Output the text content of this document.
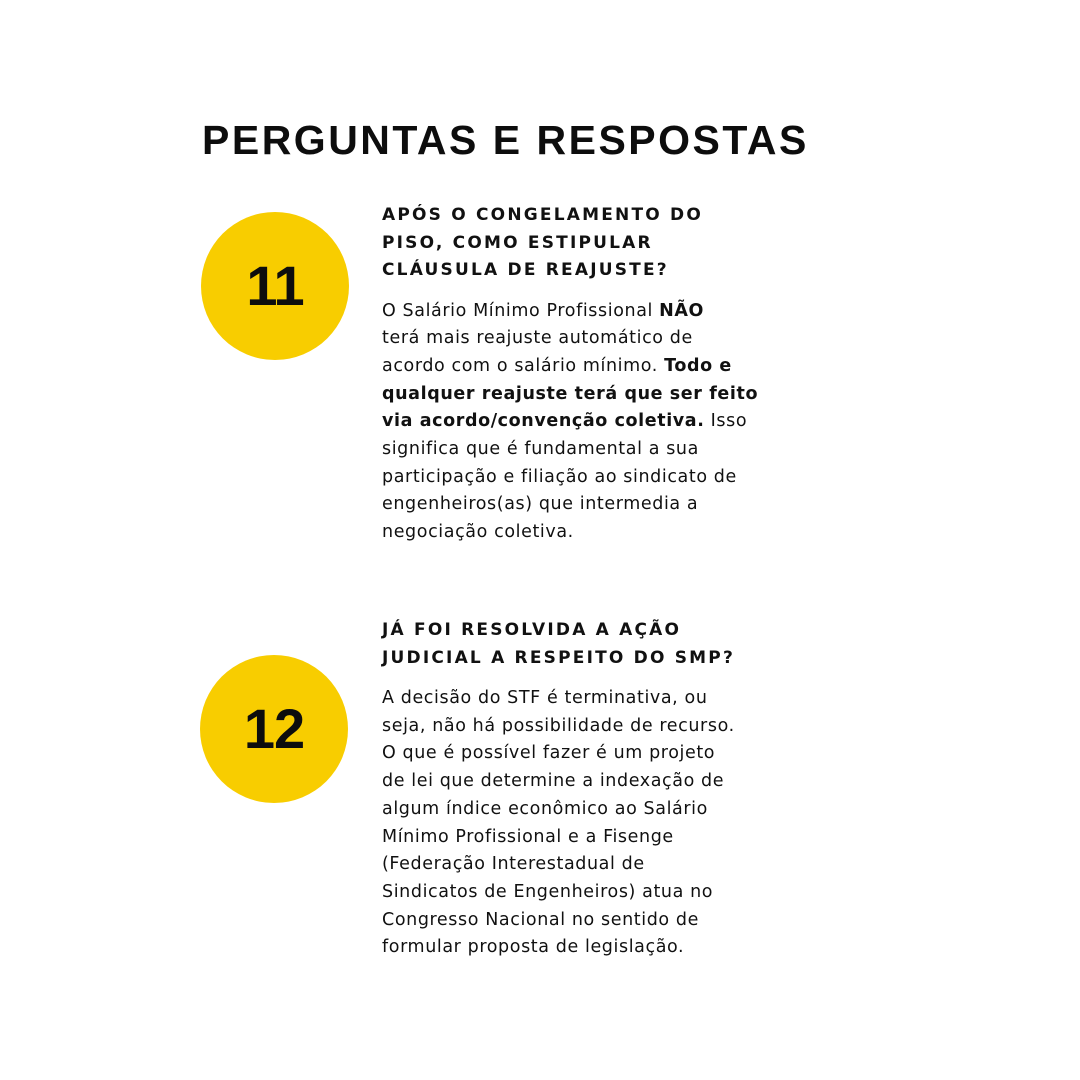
PERGUNTAS E RESPOSTAS
11
APÓS O CONGELAMENTO DO
PISO, COMO ESTIPULAR
CLÁUSULA DE REAJUSTE?

O Salário Mínimo Profissional NÃO
terá mais reajuste automático de
acordo com o salário mínimo. Todo e
qualquer reajuste terá que ser feito
via acordo/convenção coletiva. Isso
significa que é fundamental a sua
participação e filiação ao sindicato de
engenheiros(as) que intermedia a
negociação coletiva.

12
JÁ FOI RESOLVIDA A AÇÃO
JUDICIAL A RESPEITO DO SMP?

A decisão do STF é terminativa, ou
seja, não há possibilidade de recurso.
O que é possível fazer é um projeto
de lei que determine a indexação de
algum índice econômico ao Salário
Mínimo Profissional e a Fisenge
(Federação Interestadual de
Sindicatos de Engenheiros) atua no
Congresso Nacional no sentido de
formular proposta de legislação.
